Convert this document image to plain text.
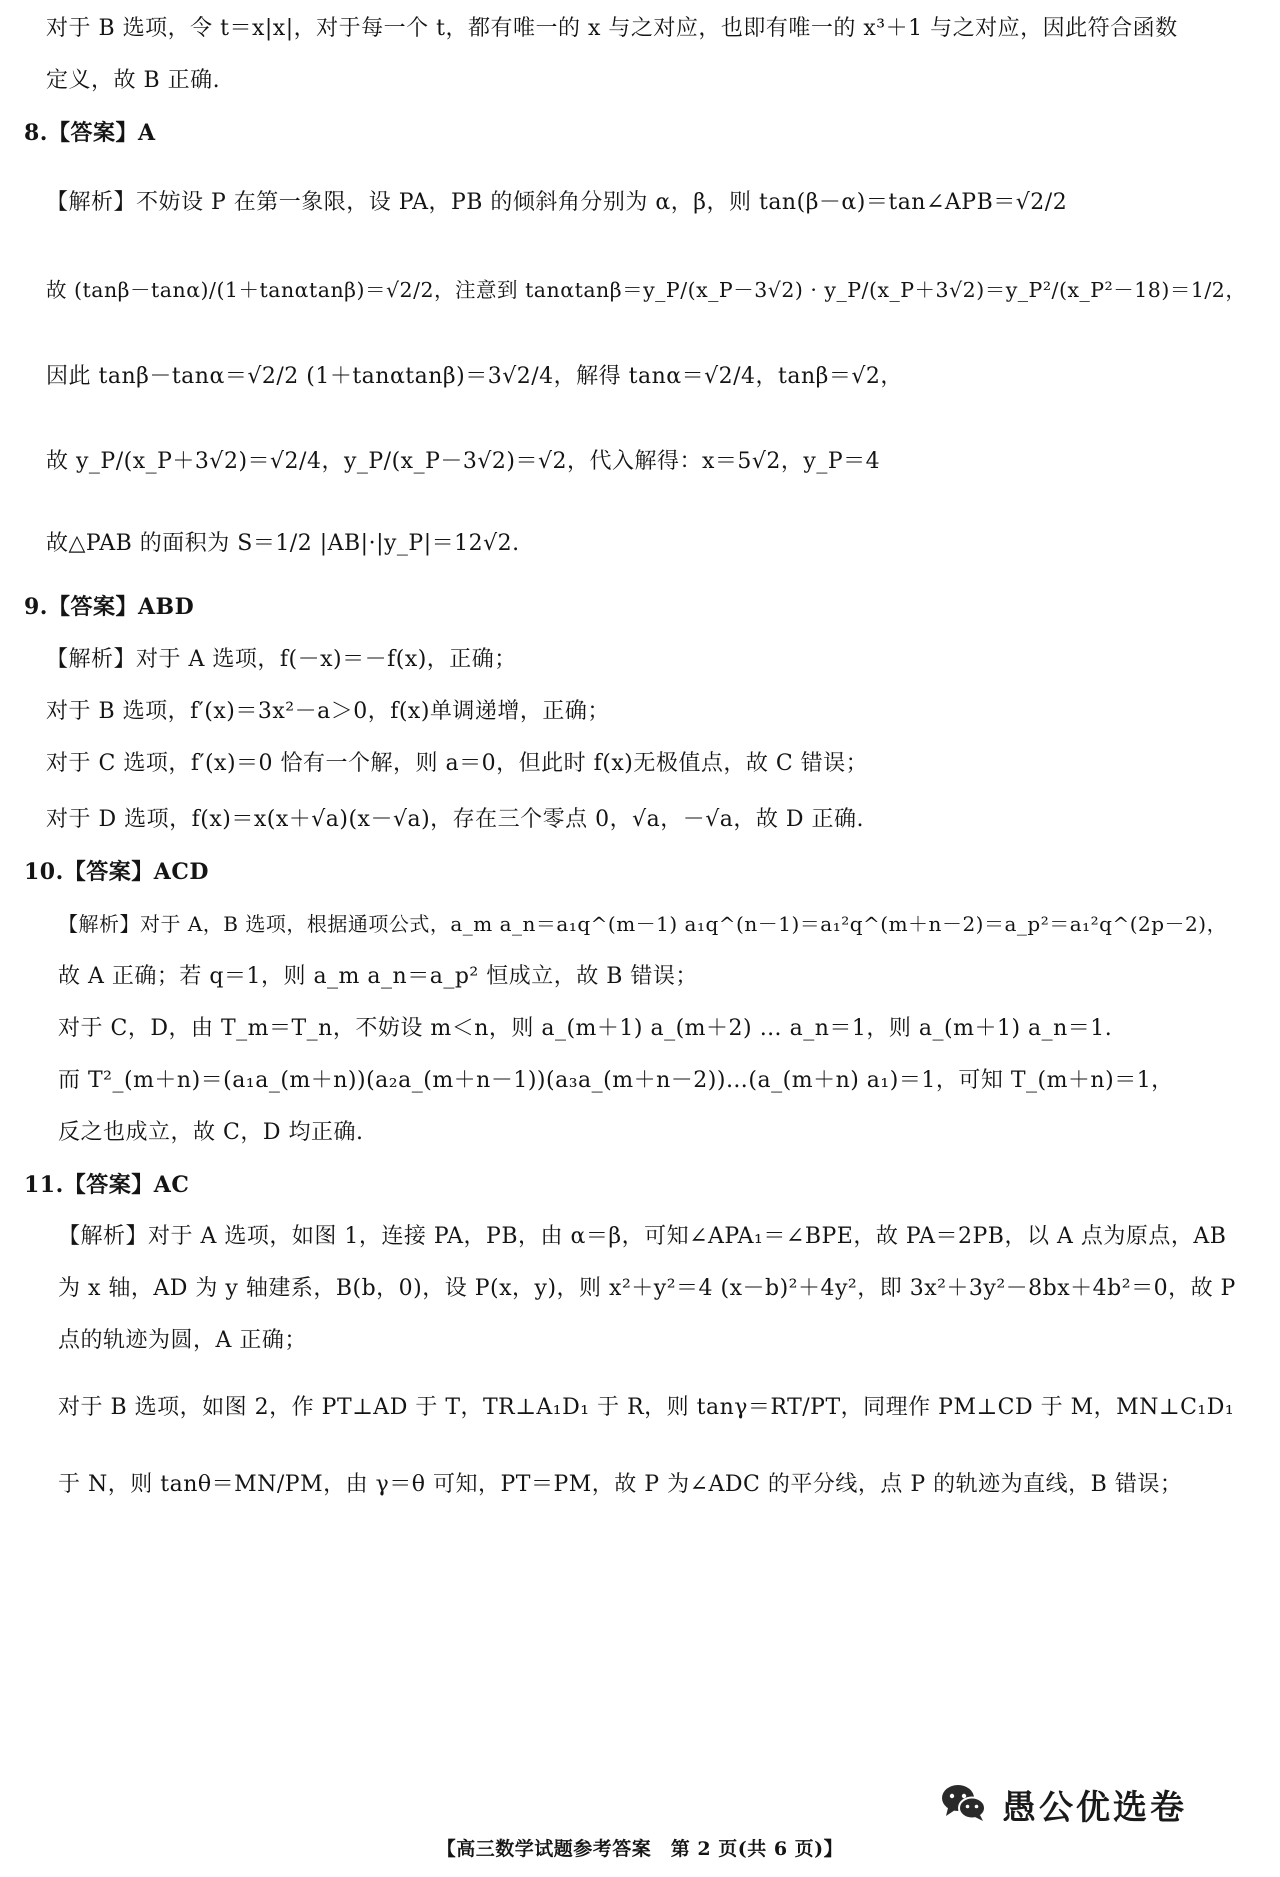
对于 B 选项，令 t＝x|x|，对于每一个 t，都有唯一的 x 与之对应，也即有唯一的 x³＋1 与之对应，因此符合函数
定义，故 B 正确.
8.【答案】A
【解析】不妨设 P 在第一象限，设 PA，PB 的倾斜角分别为 α，β，则 tan(β－α)＝tan∠APB＝√2/2
故 (tanβ－tanα)/(1＋tanαtanβ)＝√2/2，注意到 tanαtanβ＝y_P/(x_P－3√2) · y_P/(x_P＋3√2)＝y_P²/(x_P²－18)＝1/2，
因此 tanβ－tanα＝√2/2 (1＋tanαtanβ)＝3√2/4，解得 tanα＝√2/4，tanβ＝√2，
故 y_P/(x_P＋3√2)＝√2/4，y_P/(x_P－3√2)＝√2，代入解得：x＝5√2，y_P＝4
故△PAB 的面积为 S＝1/2 |AB|·|y_P|＝12√2.
9.【答案】ABD
【解析】对于 A 选项，f(－x)＝－f(x)，正确；
对于 B 选项，f′(x)＝3x²－a＞0，f(x)单调递增，正确；
对于 C 选项，f′(x)＝0 恰有一个解，则 a＝0，但此时 f(x)无极值点，故 C 错误；
对于 D 选项，f(x)＝x(x＋√a)(x－√a)，存在三个零点 0，√a，－√a，故 D 正确.
10.【答案】ACD
【解析】对于 A，B 选项，根据通项公式，a_m a_n＝a₁q^(m－1) a₁q^(n－1)＝a₁²q^(m＋n－2)＝a_p²＝a₁²q^(2p－2)，
故 A 正确；若 q＝1，则 a_m a_n＝a_p² 恒成立，故 B 错误；
对于 C，D，由 T_m＝T_n，不妨设 m＜n，则 a_(m＋1) a_(m＋2) … a_n＝1，则 a_(m＋1) a_n＝1.
而 T²_(m＋n)＝(a₁a_(m＋n))(a₂a_(m＋n－1))(a₃a_(m＋n－2))…(a_(m＋n) a₁)＝1，可知 T_(m＋n)＝1，
反之也成立，故 C，D 均正确.
11.【答案】AC
【解析】对于 A 选项，如图 1，连接 PA，PB，由 α＝β，可知∠APA₁＝∠BPE，故 PA＝2PB，以 A 点为原点，AB
为 x 轴，AD 为 y 轴建系，B(b，0)，设 P(x，y)，则 x²＋y²＝4 (x－b)²＋4y²，即 3x²＋3y²－8bx＋4b²＝0，故 P
点的轨迹为圆，A 正确；
对于 B 选项，如图 2，作 PT⊥AD 于 T，TR⊥A₁D₁ 于 R，则 tanγ＝RT/PT，同理作 PM⊥CD 于 M，MN⊥C₁D₁
于 N，则 tanθ＝MN/PM，由 γ＝θ 可知，PT＝PM，故 P 为∠ADC 的平分线，点 P 的轨迹为直线，B 错误；
愚公优选卷
【高三数学试题参考答案　第 2 页(共 6 页)】
